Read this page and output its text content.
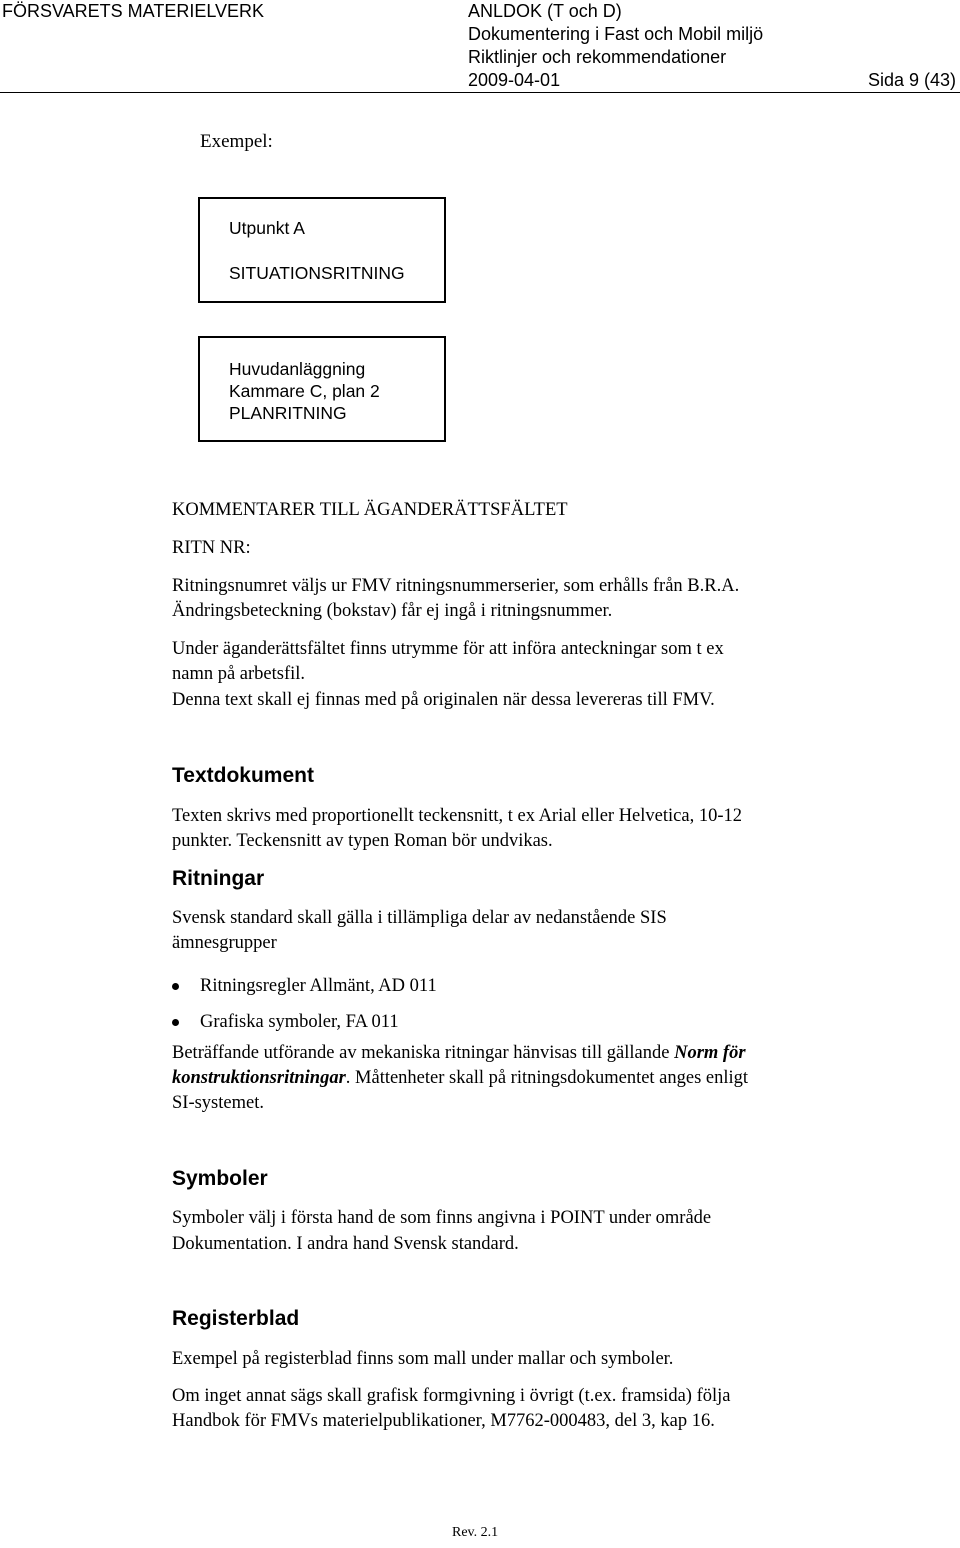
FÖRSVARETS MATERIELVERK	ANLDOK (T och D)
Dokumentering i Fast och Mobil miljö
Riktlinjer och rekommendationer
2009-04-01	Sida 9 (43)
Exempel:
Utpunkt A
SITUATIONSRITNING
Huvudanläggning
Kammare C, plan 2
PLANRITNING
KOMMENTARER TILL ÄGANDERÄTTSFÄLTET
RITN NR:
Ritningsnumret väljs ur FMV ritningsnummerserier, som erhålls från B.R.A.
Ändringsbeteckning (bokstav) får ej ingå i ritningsnummer.
Under äganderättsfältet finns utrymme för att införa anteckningar som t ex
namn på arbetsfil.
Denna text skall ej finnas med på originalen när dessa levereras till FMV.
Textdokument
Texten skrivs med proportionellt teckensnitt, t ex Arial eller Helvetica, 10-12
punkter. Teckensnitt av typen Roman bör undvikas.
Ritningar
Svensk standard skall gälla i tillämpliga delar av nedanstående SIS
ämnesgrupper
Ritningsregler Allmänt, AD 011
Grafiska symboler, FA 011
Beträffande utförande av mekaniska ritningar hänvisas till gällande Norm för
konstruktionsritningar. Måttenheter skall på ritningsdokumentet anges enligt
SI-systemet.
Symboler
Symboler välj i första hand de som finns angivna i POINT under område
Dokumentation. I andra hand Svensk standard.
Registerblad
Exempel på registerblad finns som mall under mallar och symboler.
Om inget annat sägs skall grafisk formgivning i övrigt (t.ex. framsida) följa
Handbok för FMVs materielpublikationer, M7762-000483, del 3, kap 16.
Rev. 2.1
